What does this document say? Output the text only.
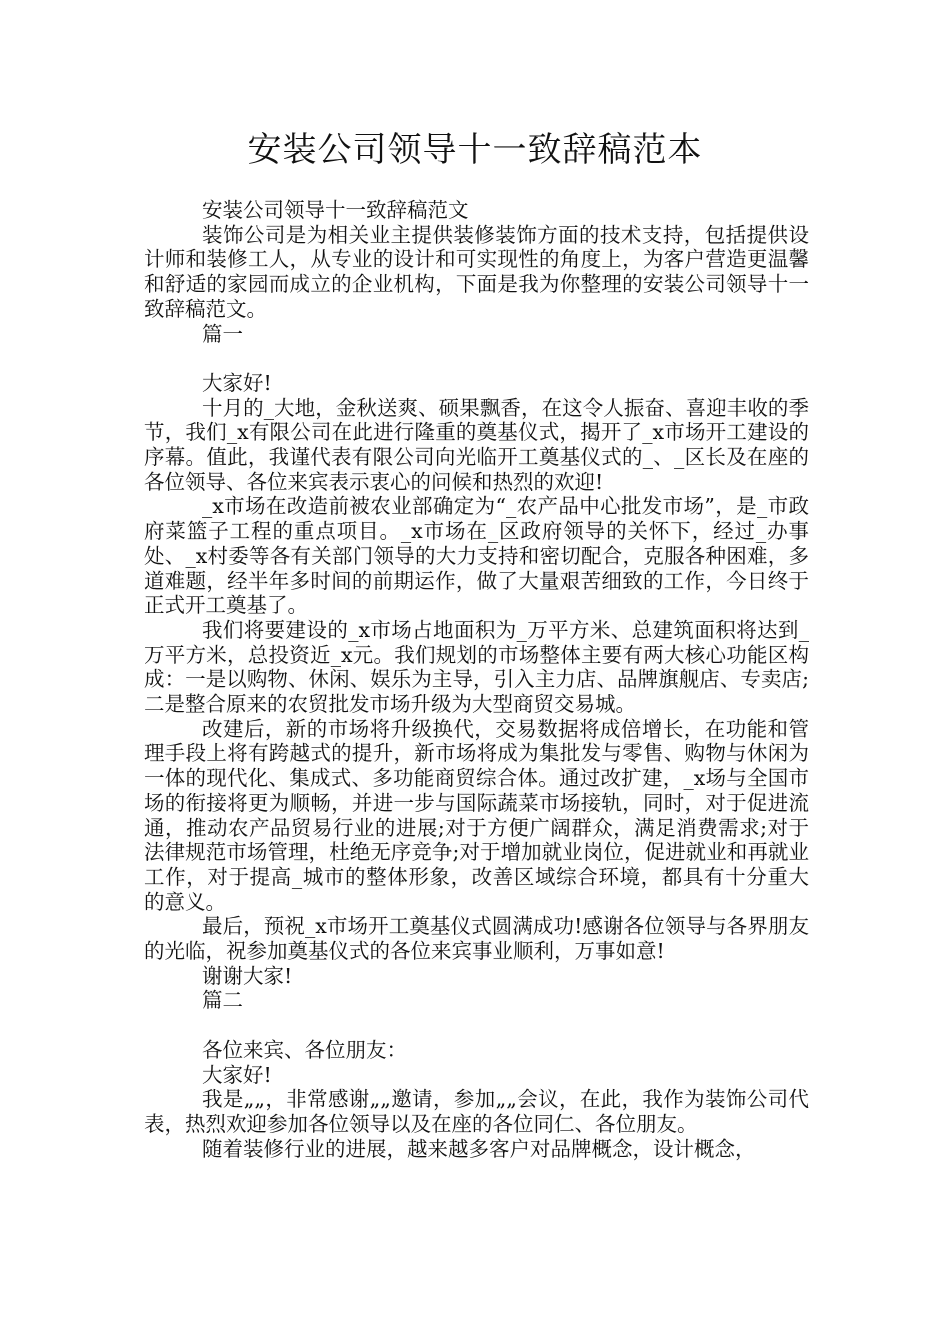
安装公司领导十一致辞稿范本

安装公司领导十一致辞稿范文

装饰公司是为相关业主提供装修装饰方面的技术支持，包括提供设计师和装修工人，从专业的设计和可实现性的角度上，为客户营造更温馨和舒适的家园而成立的企业机构，下面是我为你整理的安装公司领导十一致辞稿范文。

篇一

大家好!

十月的_大地，金秋送爽、硕果飘香，在这令人振奋、喜迎丰收的季节，我们_x有限公司在此进行隆重的奠基仪式，揭开了_x市场开工建设的序幕。值此，我谨代表有限公司向光临开工奠基仪式的_、_区长及在座的各位领导、各位来宾表示衷心的问候和热烈的欢迎!

_x市场在改造前被农业部确定为“_农产品中心批发市场”，是_市政府菜篮子工程的重点项目。_x市场在_区政府领导的关怀下，经过_办事处、_x村委等各有关部门领导的大力支持和密切配合，克服各种困难，多道难题，经半年多时间的前期运作，做了大量艰苦细致的工作，今日终于正式开工奠基了。

我们将要建设的_x市场占地面积为_万平方米、总建筑面积将达到_万平方米，总投资近_x元。我们规划的市场整体主要有两大核心功能区构成：一是以购物、休闲、娱乐为主导，引入主力店、品牌旗舰店、专卖店;二是整合原来的农贸批发市场升级为大型商贸交易城。

改建后，新的市场将升级换代，交易数据将成倍增长，在功能和管理手段上将有跨越式的提升，新市场将成为集批发与零售、购物与休闲为一体的现代化、集成式、多功能商贸综合体。通过改扩建，_x场与全国市场的衔接将更为顺畅，并进一步与国际蔬菜市场接轨，同时，对于促进流通，推动农产品贸易行业的进展;对于方便广阔群众，满足消费需求;对于法律规范市场管理，杜绝无序竞争;对于增加就业岗位，促进就业和再就业工作，对于提高_城市的整体形象，改善区域综合环境，都具有十分重大的意义。

最后，预祝_x市场开工奠基仪式圆满成功!感谢各位领导与各界朋友的光临，祝参加奠基仪式的各位来宾事业顺利，万事如意!

谢谢大家!

篇二

各位来宾、各位朋友：

大家好!

我是„„，非常感谢„„邀请，参加„„会议，在此，我作为装饰公司代表，热烈欢迎参加各位领导以及在座的各位同仁、各位朋友。

随着装修行业的进展，越来越多客户对品牌概念，设计概念，
